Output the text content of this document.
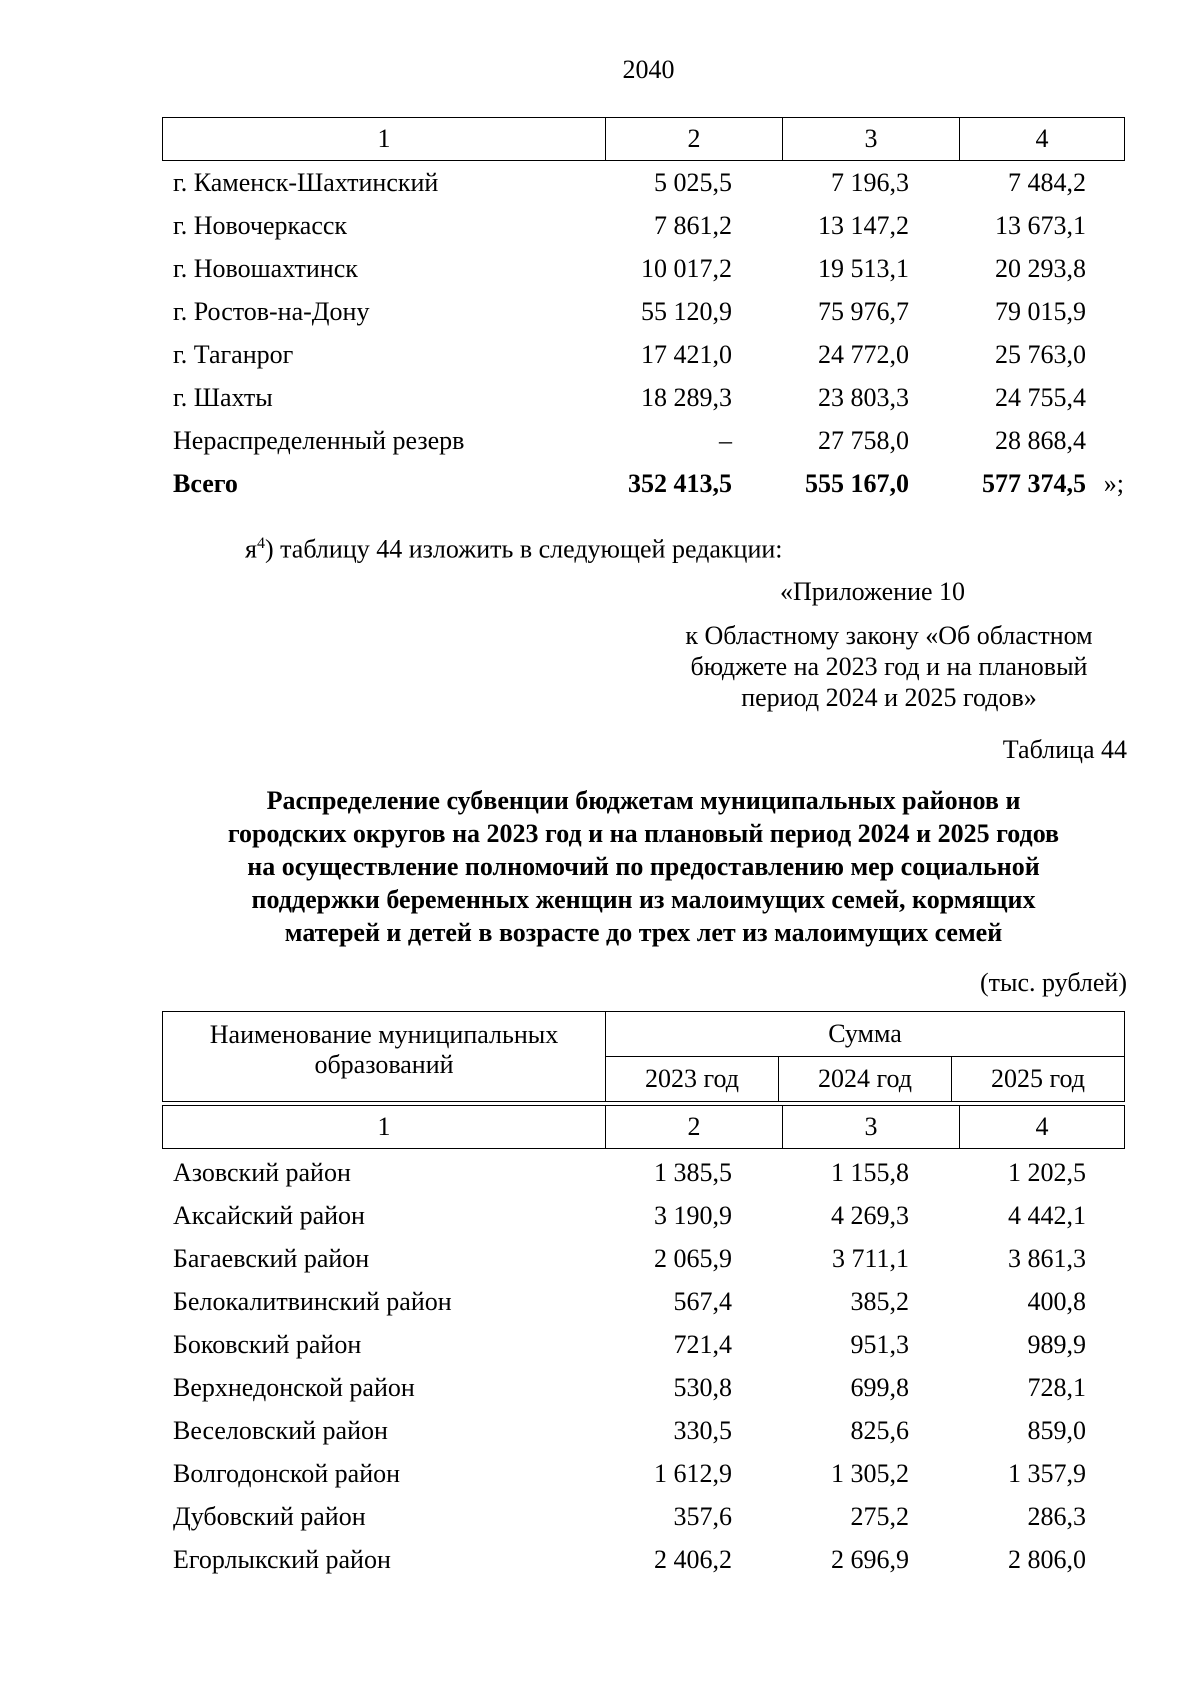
2040
1	2	3	4
г. Каменск-Шахтинский	5 025,5	7 196,3	7 484,2
г. Новочеркасск	7 861,2	13 147,2	13 673,1
г. Новошахтинск	10 017,2	19 513,1	20 293,8
г. Ростов-на-Дону	55 120,9	75 976,7	79 015,9
г. Таганрог	17 421,0	24 772,0	25 763,0
г. Шахты	18 289,3	23 803,3	24 755,4
Нераспределенный резерв	–	27 758,0	28 868,4
Всего	352 413,5	555 167,0	577 374,5 »;
$я^4$) таблицу 44 изложить в следующей редакции:
«Приложение 10
к Областному закону «Об областном
бюджете на 2023 год и на плановый
период 2024 и 2025 годов»
Таблица 44
Распределение субвенции бюджетам муниципальных районов и
городских округов на 2023 год и на плановый период 2024 и 2025 годов
на осуществление полномочий по предоставлению мер социальной
поддержки беременных женщин из малоимущих семей, кормящих
матерей и детей в возрасте до трех лет из малоимущих семей
(тыс. рублей)
Наименование муниципальных
образований	Сумма		
	2023 год	2024 год	2025 год
1	2	3	4
Азовский район	1 385,5	1 155,8	1 202,5
Аксайский район	3 190,9	4 269,3	4 442,1
Багаевский район	2 065,9	3 711,1	3 861,3
Белокалитвинский район	567,4	385,2	400,8
Боковский район	721,4	951,3	989,9
Верхнедонской район	530,8	699,8	728,1
Веселовский район	330,5	825,6	859,0
Волгодонской район	1 612,9	1 305,2	1 357,9
Дубовский район	357,6	275,2	286,3
Егорлыкский район	2 406,2	2 696,9	2 806,0
